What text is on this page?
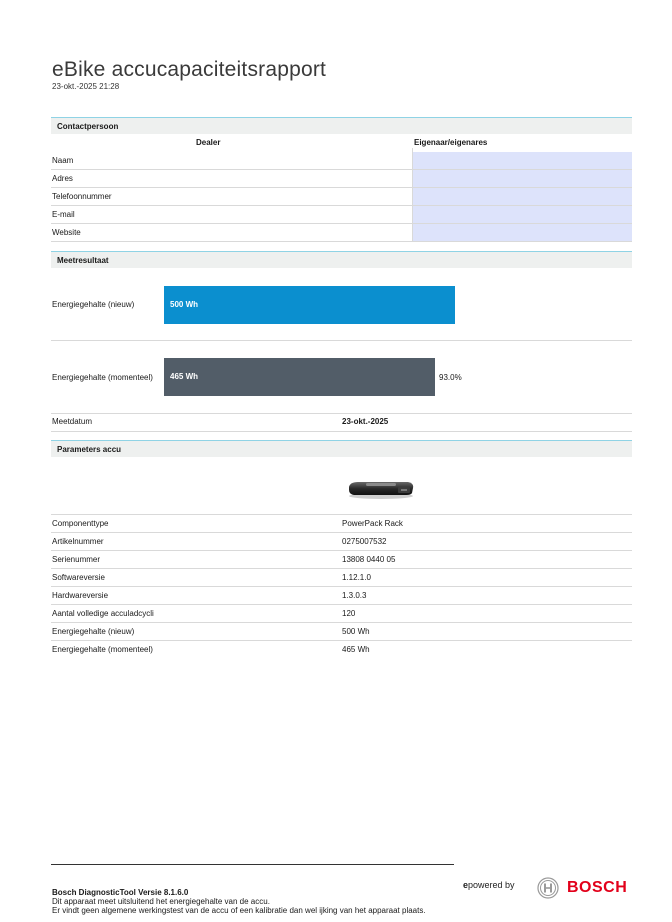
eBike accucapaciteitsrapport
23-okt.-2025 21:28
Contactpersoon
Dealer	Eigenaar/eigenares
Naam
Adres
Telefoonnummer
E-mail
Website
Meetresultaat
Energiegehalte (nieuw)	500 Wh
Energiegehalte (momenteel)	465 Wh	93.0%
Meetdatum	23-okt.-2025
Parameters accu
Componenttype	PowerPack Rack
Artikelnummer	0275007532
Serienummer	13808 0440 05
Softwareversie	1.12.1.0
Hardwareversie	1.3.0.3
Aantal volledige acculadcycli	120
Energiegehalte (nieuw)	500 Wh
Energiegehalte (momenteel)	465 Wh
Bosch DiagnosticTool Versie 8.1.6.0
Dit apparaat meet uitsluitend het energiegehalte van de accu.
Er vindt geen algemene werkingstest van de accu of een kalibratie dan wel ijking van het apparaat plaats.
epowered by	BOSCH
